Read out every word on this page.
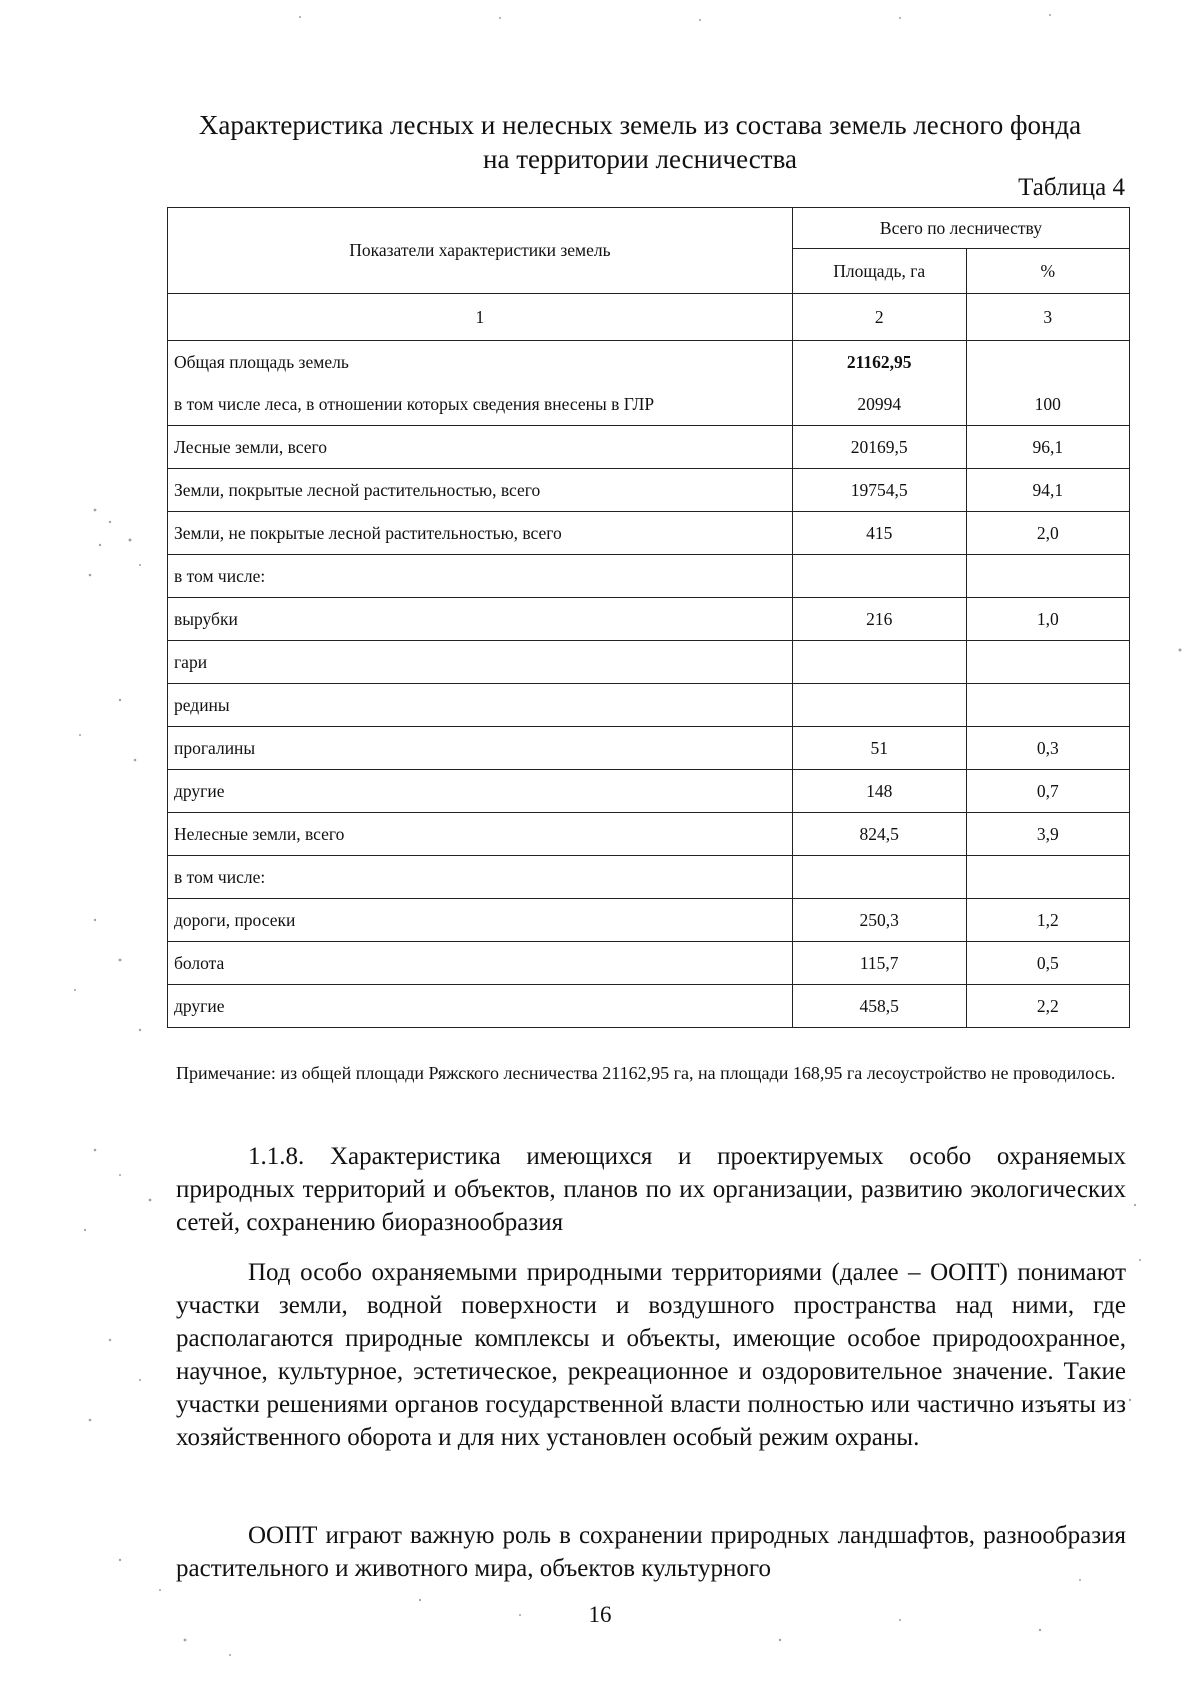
Характеристика лесных и нелесных земель из состава земель лесного фонда
на территории лесничества
Таблица 4
Показатели характеристики земель	Всего по лесничеству	
	Площадь, га	%
1	2	3
Общая площадь земель	21162,95	
в том числе леса, в отношении которых сведения внесены в ГЛР	20994	100
Лесные земли, всего	20169,5	96,1
Земли, покрытые лесной растительностью, всего	19754,5	94,1
Земли, не покрытые лесной растительностью, всего	415	2,0
в том числе:		
вырубки	216	1,0
гари		
редины		
прогалины	51	0,3
другие	148	0,7
Нелесные земли, всего	824,5	3,9
в том числе:		
дороги, просеки	250,3	1,2
болота	115,7	0,5
другие	458,5	2,2
Примечание: из общей площади Ряжского лесничества 21162,95 га, на площади 168,95 га лесоустройство не проводилось.
1.1.8. Характеристика имеющихся и проектируемых особо охраняемых природных территорий и объектов, планов по их организации, развитию экологических сетей, сохранению биоразнообразия
Под особо охраняемыми природными территориями (далее – ООПТ) понимают участки земли, водной поверхности и воздушного пространства над ними, где располагаются природные комплексы и объекты, имеющие особое природоохранное, научное, культурное, эстетическое, рекреационное и оздоровительное значение. Такие участки решениями органов государственной власти полностью или частично изъяты из хозяйственного оборота и для них установлен особый режим охраны.
ООПТ играют важную роль в сохранении природных ландшафтов, разнообразия растительного и животного мира, объектов культурного
16
